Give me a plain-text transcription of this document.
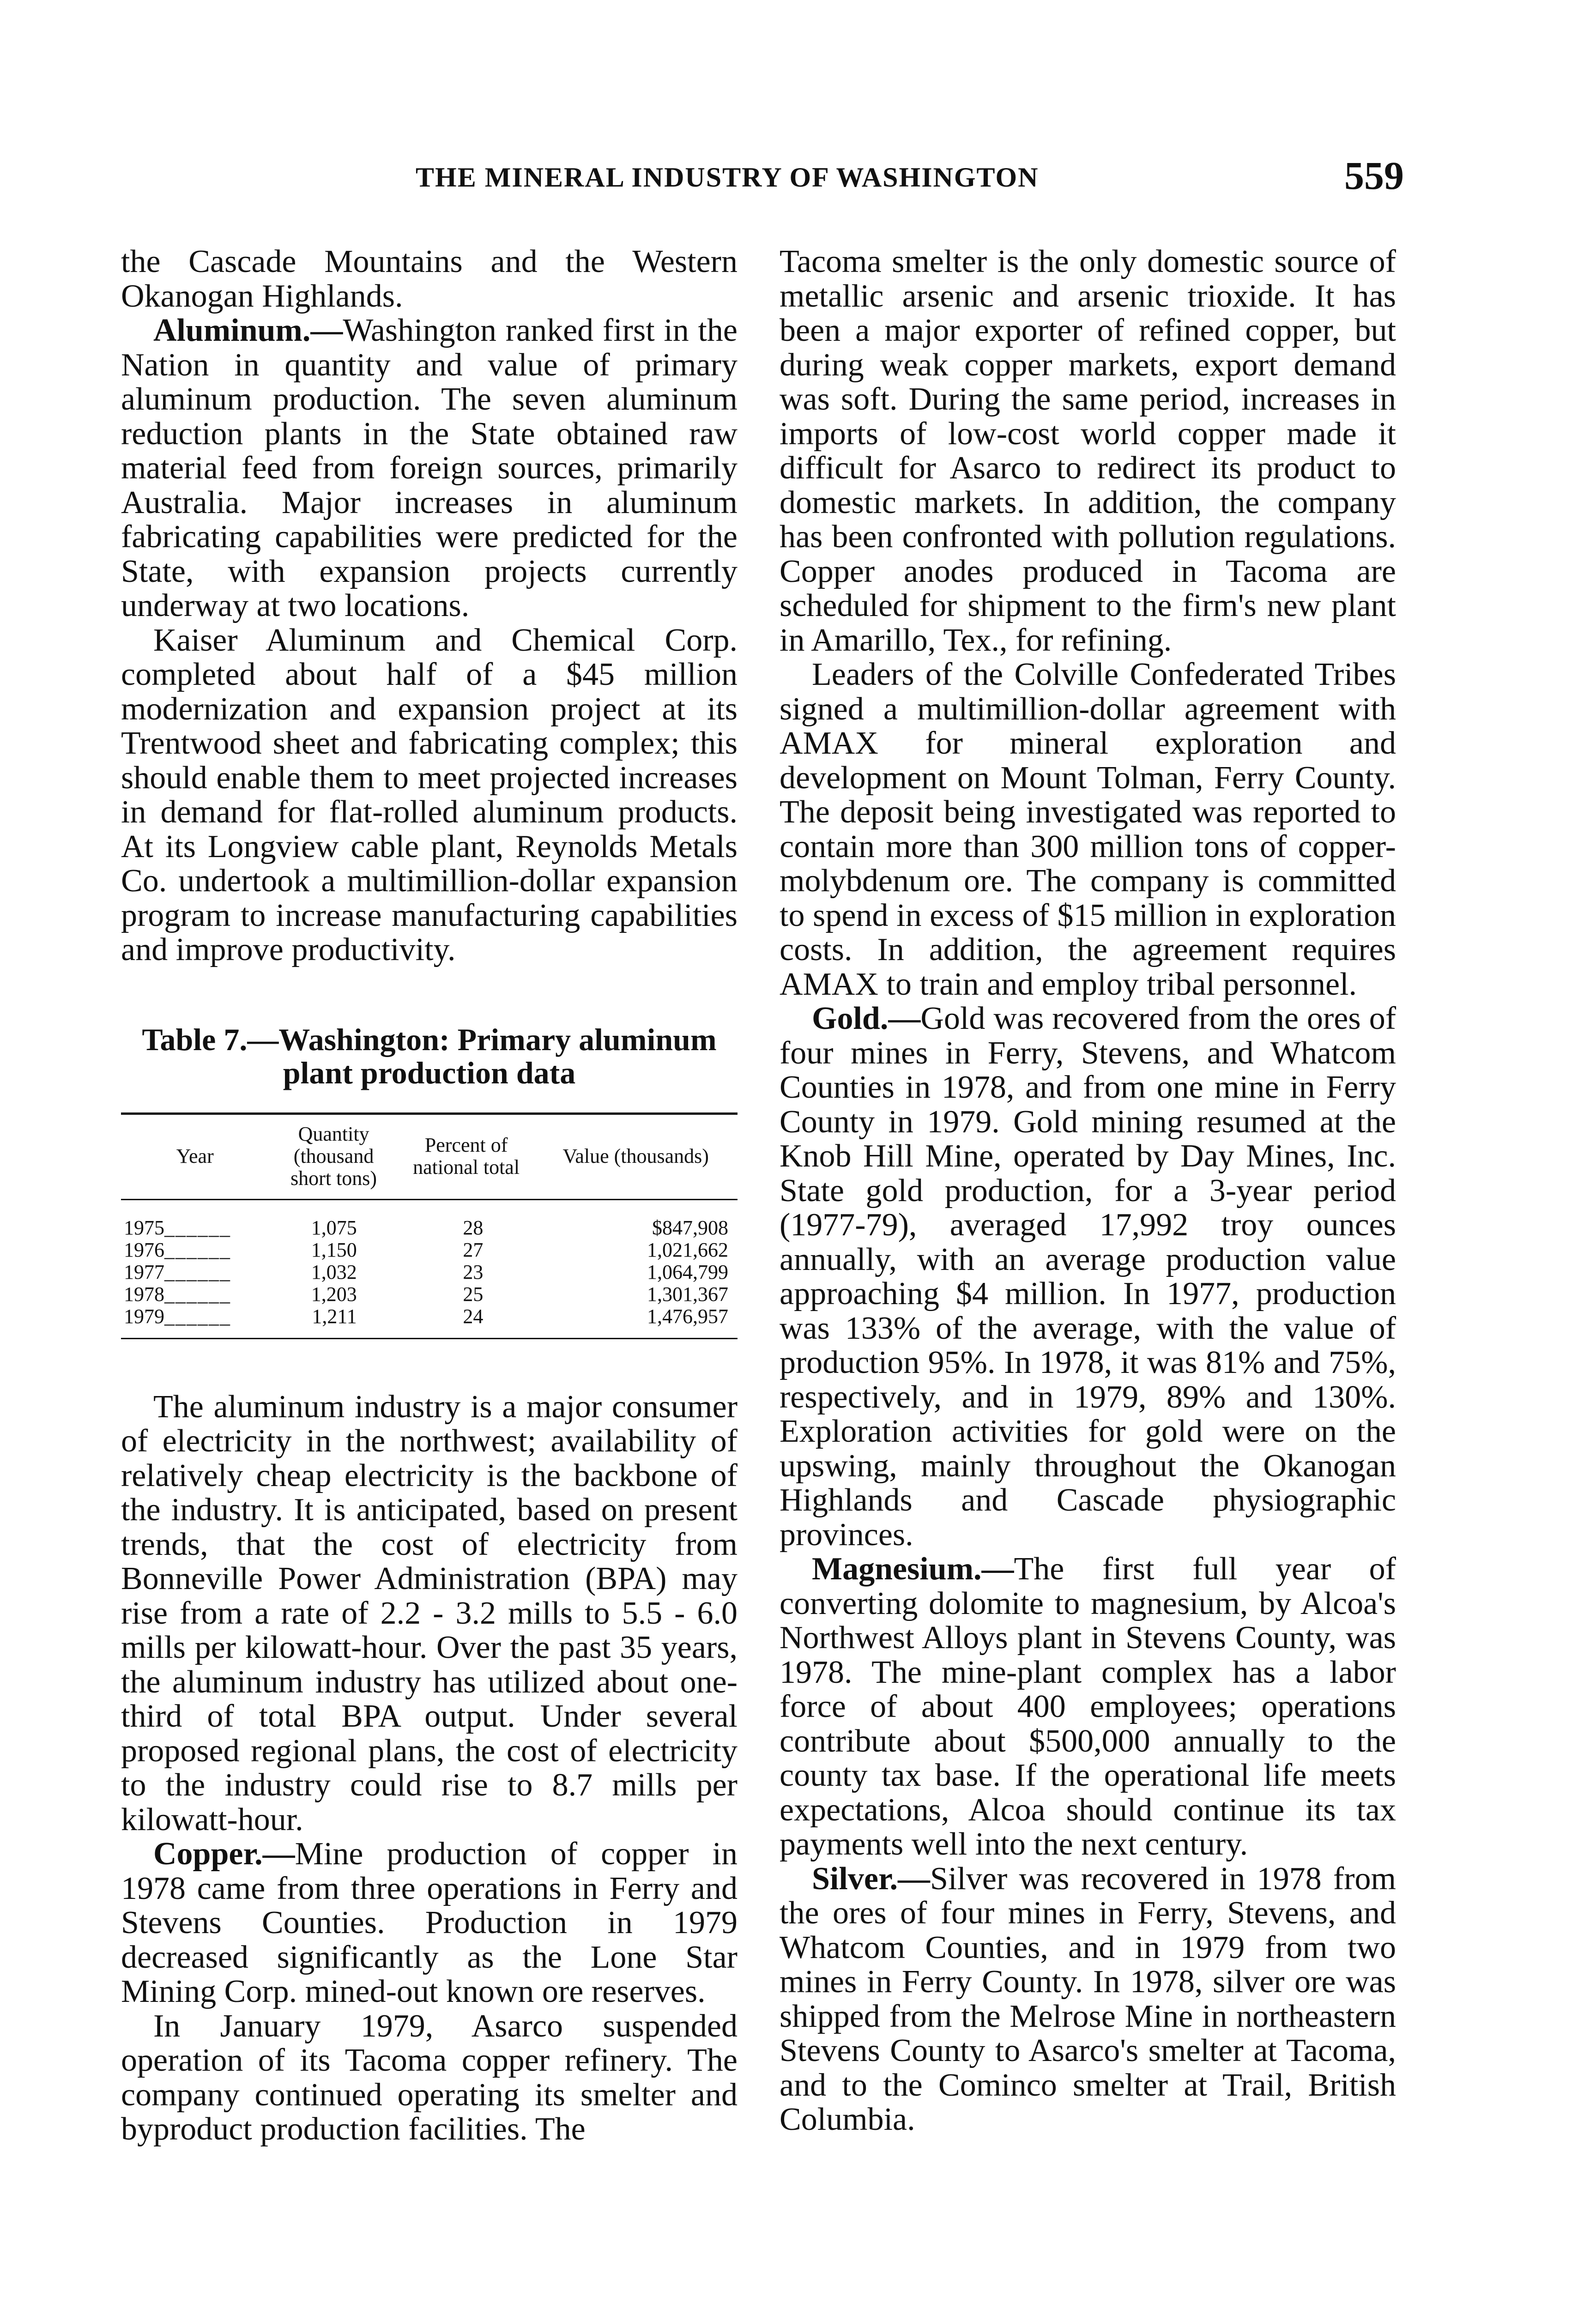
THE MINERAL INDUSTRY OF WASHINGTON	559

the Cascade Mountains and the Western Okanogan Highlands.

Aluminum.—Washington ranked first in the Nation in quantity and value of primary aluminum production. The seven aluminum reduction plants in the State obtained raw material feed from foreign sources, primarily Australia. Major increases in aluminum fabricating capabilities were predicted for the State, with expansion projects currently underway at two locations.

Kaiser Aluminum and Chemical Corp. completed about half of a $45 million modernization and expansion project at its Trentwood sheet and fabricating complex; this should enable them to meet projected increases in demand for flat-rolled aluminum products. At its Longview cable plant, Reynolds Metals Co. undertook a multimillion-dollar expansion program to increase manufacturing capabilities and improve productivity.

Table 7.—Washington: Primary aluminum
plant production data
Year	Quantity (thousand short tons)	Percent of national total	Value (thousands)
1975______	1,075	28	$847,908
1976______	1,150	27	1,021,662
1977______	1,032	23	1,064,799
1978______	1,203	25	1,301,367
1979______	1,211	24	1,476,957

The aluminum industry is a major consumer of electricity in the northwest; availability of relatively cheap electricity is the backbone of the industry. It is anticipated, based on present trends, that the cost of electricity from Bonneville Power Administration (BPA) may rise from a rate of 2.2 - 3.2 mills to 5.5 - 6.0 mills per kilowatt-hour. Over the past 35 years, the aluminum industry has utilized about one-third of total BPA output. Under several proposed regional plans, the cost of electricity to the industry could rise to 8.7 mills per kilowatt-hour.

Copper.—Mine production of copper in 1978 came from three operations in Ferry and Stevens Counties. Production in 1979 decreased significantly as the Lone Star Mining Corp. mined-out known ore reserves.

In January 1979, Asarco suspended operation of its Tacoma copper refinery. The company continued operating its smelter and byproduct production facilities. The

Tacoma smelter is the only domestic source of metallic arsenic and arsenic trioxide. It has been a major exporter of refined copper, but during weak copper markets, export demand was soft. During the same period, increases in imports of low-cost world copper made it difficult for Asarco to redirect its product to domestic markets. In addition, the company has been confronted with pollution regulations. Copper anodes produced in Tacoma are scheduled for shipment to the firm's new plant in Amarillo, Tex., for refining.

Leaders of the Colville Confederated Tribes signed a multimillion-dollar agreement with AMAX for mineral exploration and development on Mount Tolman, Ferry County. The deposit being investigated was reported to contain more than 300 million tons of copper-molybdenum ore. The company is committed to spend in excess of $15 million in exploration costs. In addition, the agreement requires AMAX to train and employ tribal personnel.

Gold.—Gold was recovered from the ores of four mines in Ferry, Stevens, and Whatcom Counties in 1978, and from one mine in Ferry County in 1979. Gold mining resumed at the Knob Hill Mine, operated by Day Mines, Inc. State gold production, for a 3-year period (1977-79), averaged 17,992 troy ounces annually, with an average production value approaching $4 million. In 1977, production was 133% of the average, with the value of production 95%. In 1978, it was 81% and 75%, respectively, and in 1979, 89% and 130%. Exploration activities for gold were on the upswing, mainly throughout the Okanogan Highlands and Cascade physiographic provinces.

Magnesium.—The first full year of converting dolomite to magnesium, by Alcoa's Northwest Alloys plant in Stevens County, was 1978. The mine-plant complex has a labor force of about 400 employees; operations contribute about $500,000 annually to the county tax base. If the operational life meets expectations, Alcoa should continue its tax payments well into the next century.

Silver.—Silver was recovered in 1978 from the ores of four mines in Ferry, Stevens, and Whatcom Counties, and in 1979 from two mines in Ferry County. In 1978, silver ore was shipped from the Melrose Mine in northeastern Stevens County to Asarco's smelter at Tacoma, and to the Cominco smelter at Trail, British Columbia.
